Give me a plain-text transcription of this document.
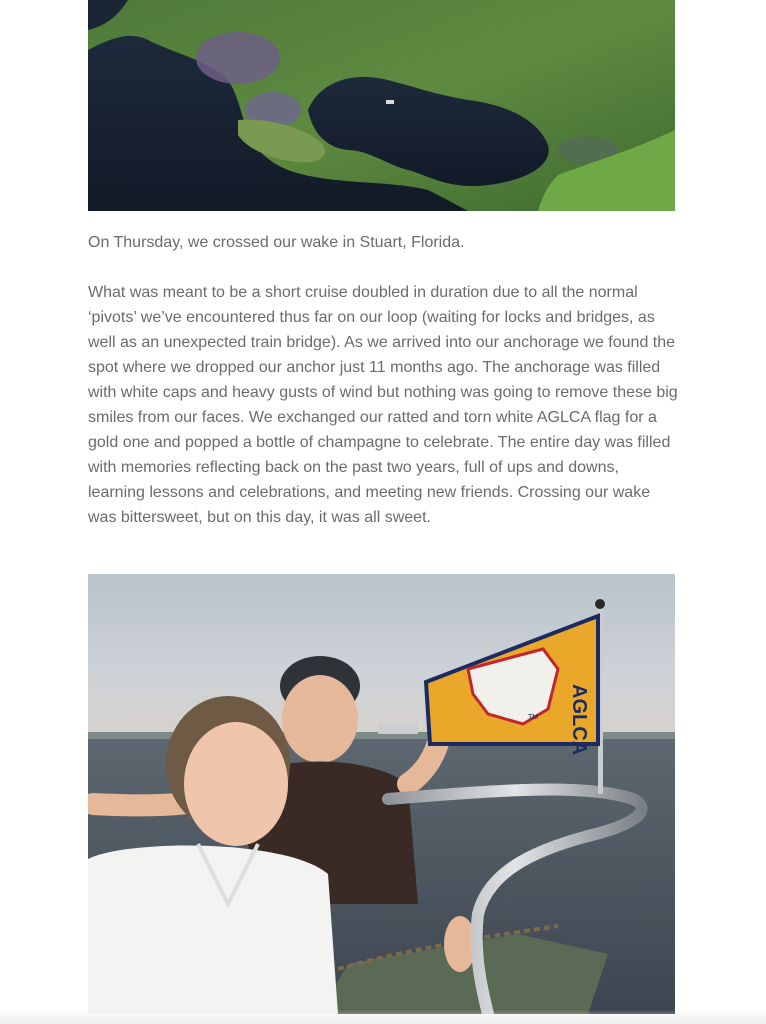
On Thursday, we crossed our wake in Stuart, Florida.

What was meant to be a short cruise doubled in duration due to all the normal ‘pivots’ we’ve encountered thus far on our loop (waiting for locks and bridges, as well as an unexpected train bridge). As we arrived into our anchorage we found the spot where we dropped our anchor just 11 months ago. The anchorage was filled with white caps and heavy gusts of wind but nothing was going to remove these big smiles from our faces. We exchanged our ratted and torn white AGLCA flag for a gold one and popped a bottle of champagne to celebrate. The entire day was filled with memories reflecting back on the past two years, full of ups and downs, learning lessons and celebrations, and meeting new friends. Crossing our wake was bittersweet, but on this day, it was all sweet.

AGLCA
TM
